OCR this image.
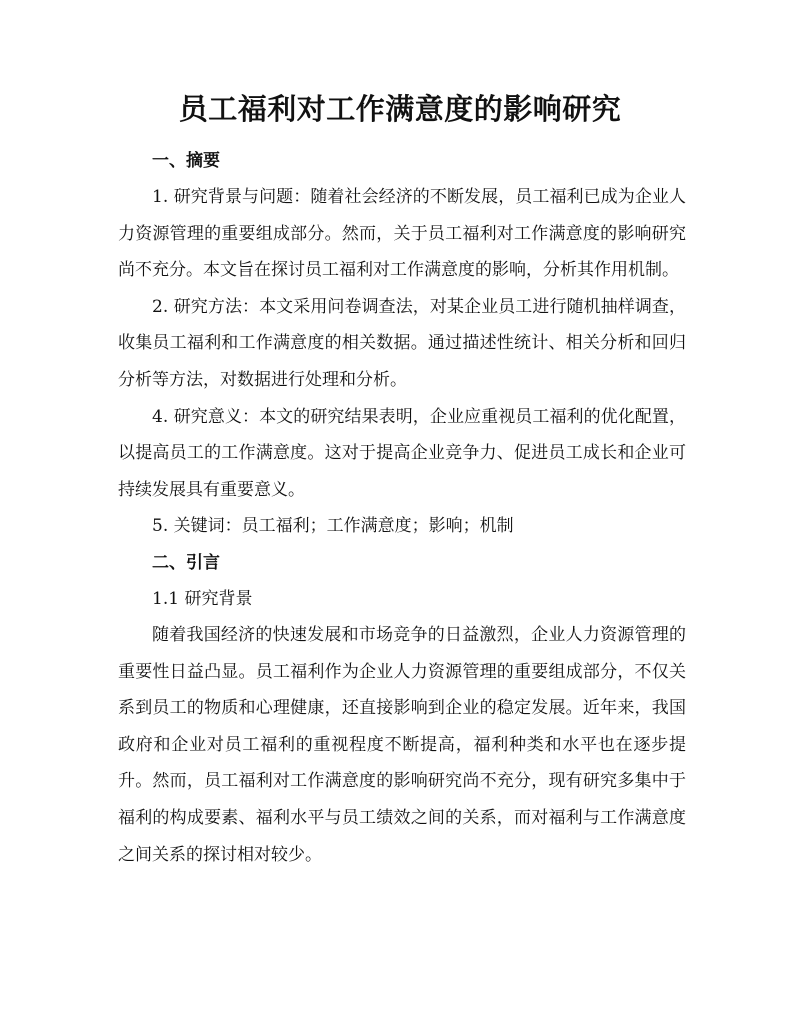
员工福利对工作满意度的影响研究
一、摘要

1. 研究背景与问题：随着社会经济的不断发展，员工福利已成为企业人力资源管理的重要组成部分。然而，关于员工福利对工作满意度的影响研究尚不充分。本文旨在探讨员工福利对工作满意度的影响，分析其作用机制。

2. 研究方法：本文采用问卷调查法，对某企业员工进行随机抽样调查，收集员工福利和工作满意度的相关数据。通过描述性统计、相关分析和回归分析等方法，对数据进行处理和分析。

4. 研究意义：本文的研究结果表明，企业应重视员工福利的优化配置，以提高员工的工作满意度。这对于提高企业竞争力、促进员工成长和企业可持续发展具有重要意义。

5. 关键词：员工福利；工作满意度；影响；机制

二、引言

1.1 研究背景

随着我国经济的快速发展和市场竞争的日益激烈，企业人力资源管理的重要性日益凸显。员工福利作为企业人力资源管理的重要组成部分，不仅关系到员工的物质和心理健康，还直接影响到企业的稳定发展。近年来，我国政府和企业对员工福利的重视程度不断提高，福利种类和水平也在逐步提升。然而，员工福利对工作满意度的影响研究尚不充分，现有研究多集中于福利的构成要素、福利水平与员工绩效之间的关系，而对福利与工作满意度之间关系的探讨相对较少。
